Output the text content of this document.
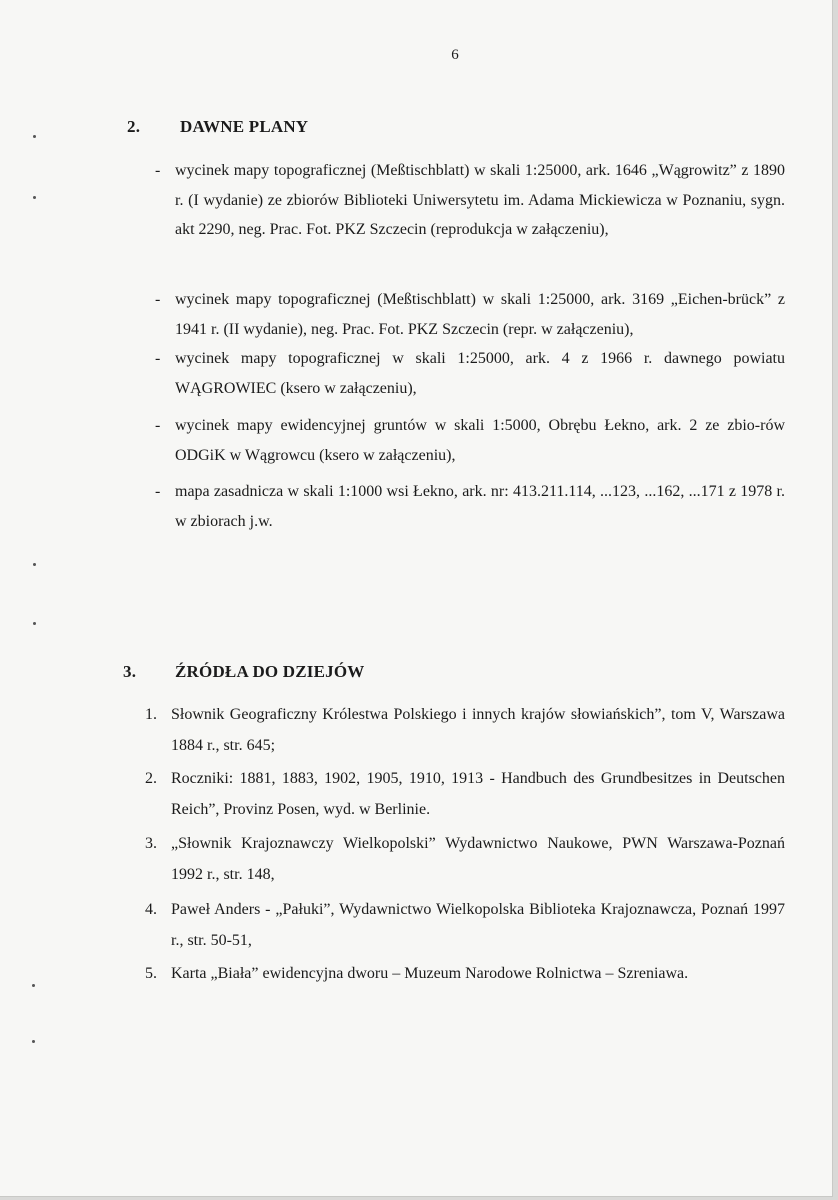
6
2. DAWNE PLANY
- wycinek mapy topograficznej (Meßtischblatt) w skali 1:25000, ark. 1646 „Wągrowitz” z 1890 r. (I wydanie) ze zbiorów Biblioteki Uniwersytetu im. Adama Mickiewicza w Poznaniu, sygn. akt 2290, neg. Prac. Fot. PKZ Szczecin (reprodukcja w załączeniu),
- wycinek mapy topograficznej (Meßtischblatt) w skali 1:25000, ark. 3169 „Eichen-brück” z 1941 r. (II wydanie), neg. Prac. Fot. PKZ Szczecin (repr. w załączeniu),
- wycinek mapy topograficznej w skali 1:25000, ark. 4 z 1966 r. dawnego powiatu WĄGROWIEC (ksero w załączeniu),
- wycinek mapy ewidencyjnej gruntów w skali 1:5000, Obrębu Łekno, ark. 2 ze zbio-rów ODGiK w Wągrowcu (ksero w załączeniu),
- mapa zasadnicza w skali 1:1000 wsi Łekno, ark. nr: 413.211.114, ...123, ...162, ...171 z 1978 r. w zbiorach j.w.
3. ŹRÓDŁA DO DZIEJÓW
1. Słownik Geograficzny Królestwa Polskiego i innych krajów słowiańskich”, tom V, Warszawa 1884 r., str. 645;
2. Roczniki: 1881, 1883, 1902, 1905, 1910, 1913 - Handbuch des Grundbesitzes in Deutschen Reich”, Provinz Posen, wyd. w Berlinie.
3. „Słownik Krajoznawczy Wielkopolski” Wydawnictwo Naukowe, PWN Warszawa-Poznań 1992 r., str. 148,
4. Paweł Anders - „Pałuki”, Wydawnictwo Wielkopolska Biblioteka Krajoznawcza, Poznań 1997 r., str. 50-51,
5. Karta „Biała” ewidencyjna dworu – Muzeum Narodowe Rolnictwa – Szreniawa.
